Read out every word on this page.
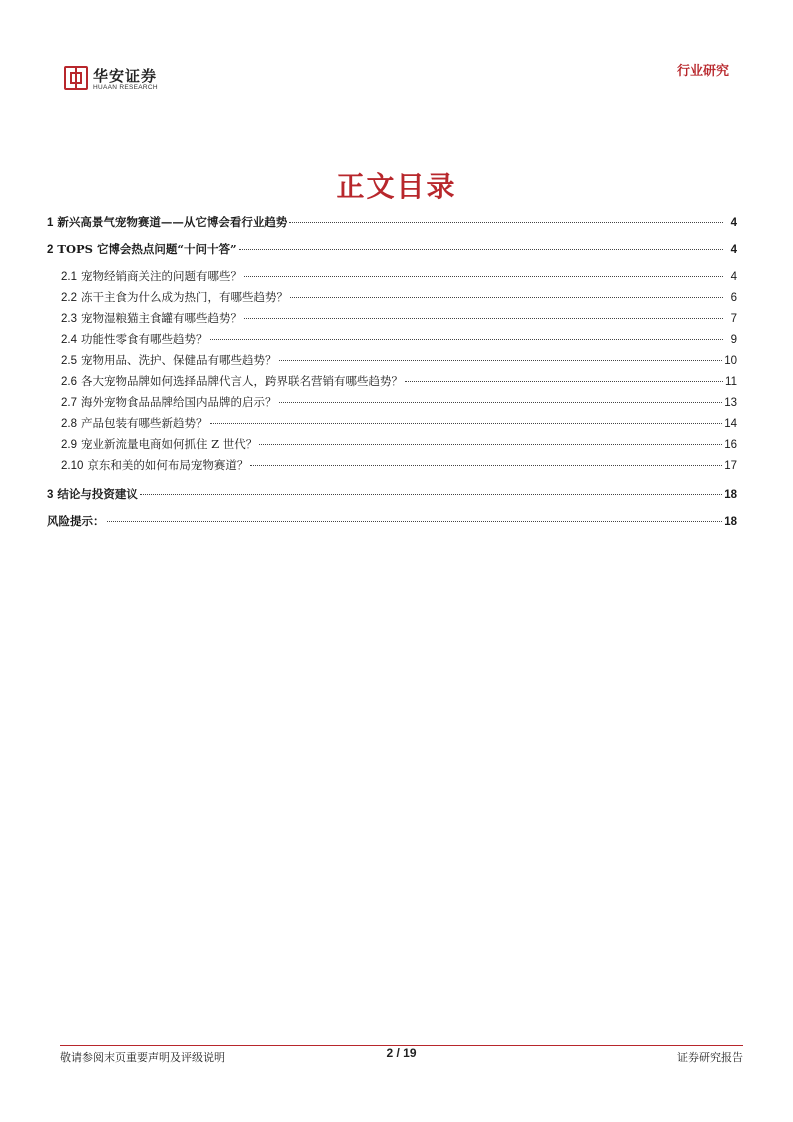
华安证券
HUAAN RESEARCH
行业研究
正文目录
1 新兴高景气宠物赛道——从它博会看行业趋势	4
2 TOPS 它博会热点问题“十问十答”	4
2.1 宠物经销商关注的问题有哪些？	4
2.2 冻干主食为什么成为热门，有哪些趋势？	6
2.3 宠物湿粮猫主食罐有哪些趋势？	7
2.4 功能性零食有哪些趋势？	9
2.5 宠物用品、洗护、保健品有哪些趋势？	10
2.6 各大宠物品牌如何选择品牌代言人，跨界联名营销有哪些趋势？	11
2.7 海外宠物食品品牌给国内品牌的启示？	13
2.8 产品包装有哪些新趋势？	14
2.9 宠业新流量电商如何抓住 Z 世代？	16
2.10 京东和美的如何布局宠物赛道？	17
3 结论与投资建议	18
风险提示：	18
敬请参阅末页重要声明及评级说明	2 / 19	证券研究报告
